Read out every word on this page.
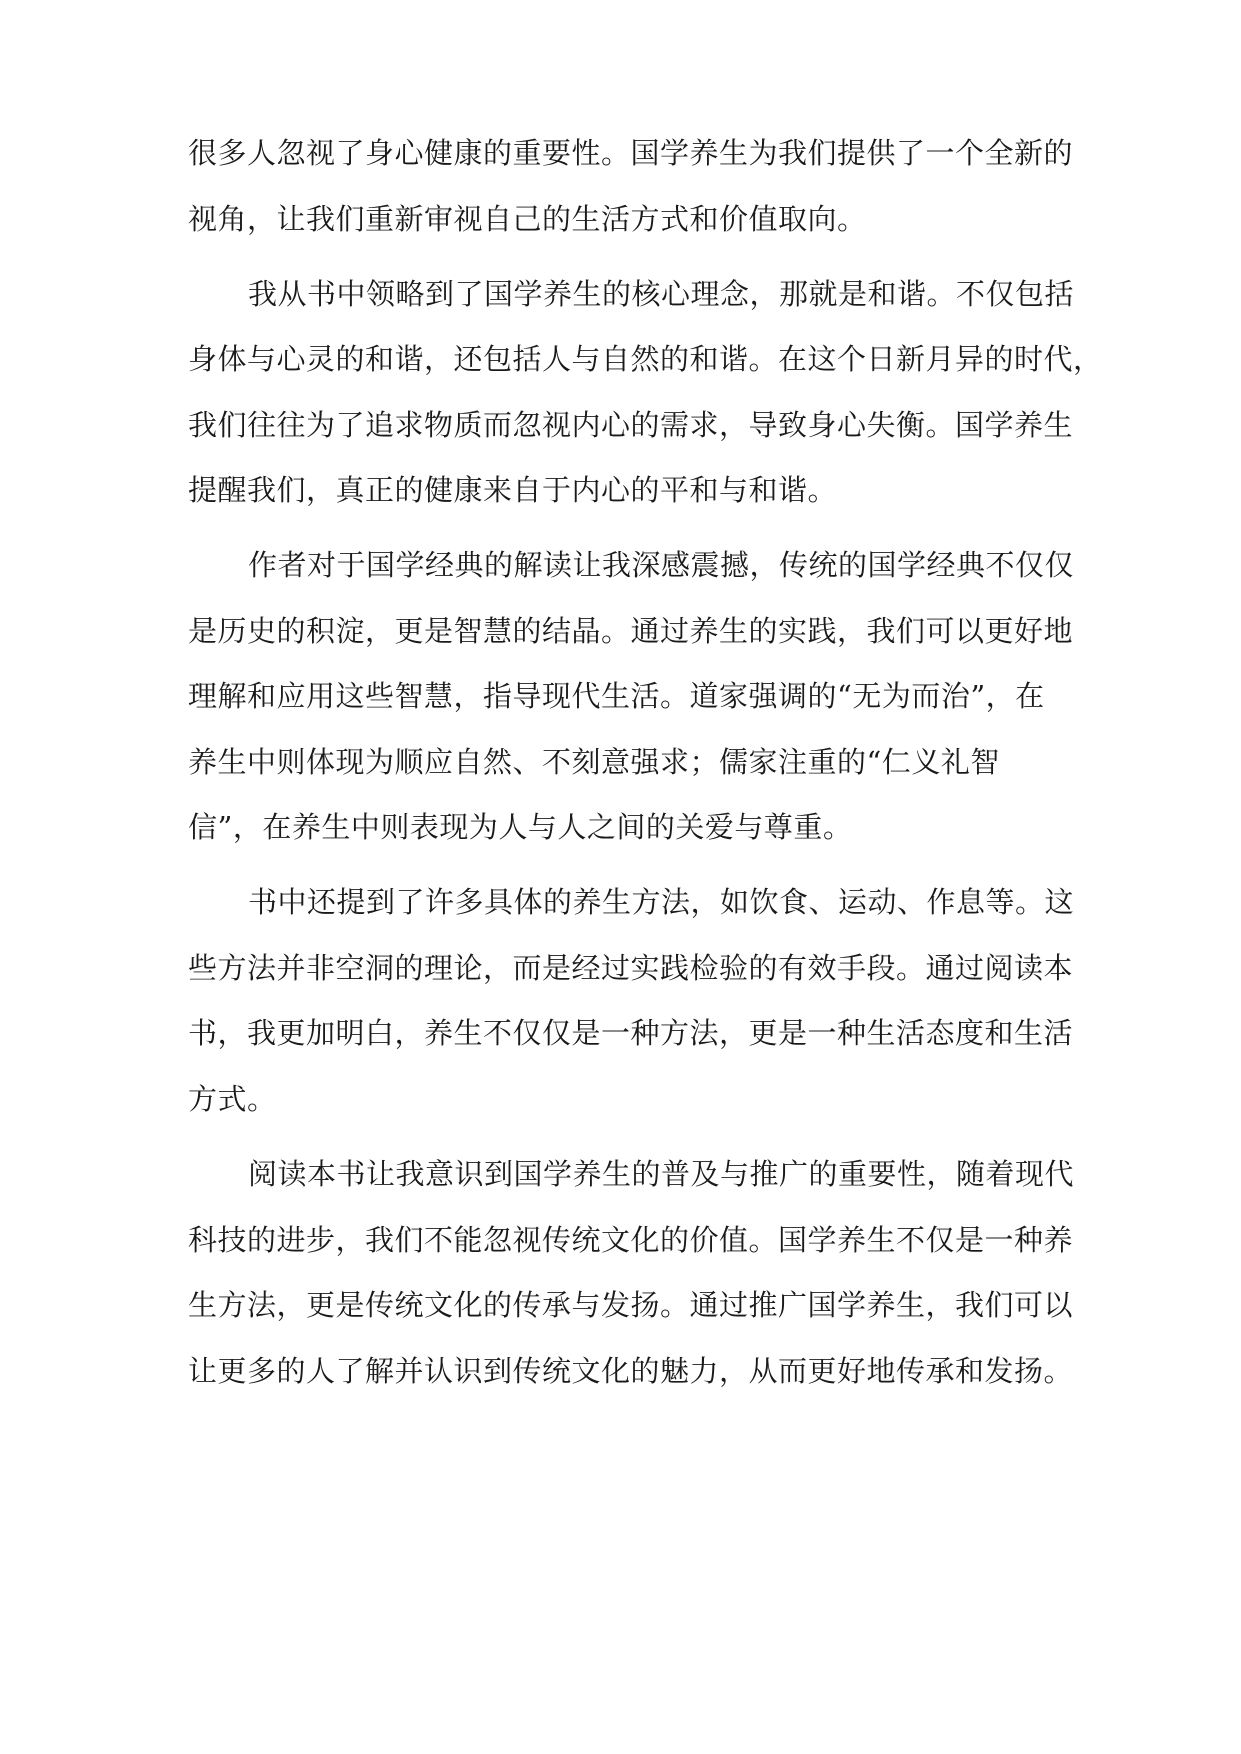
很多人忽视了身心健康的重要性。国学养生为我们提供了一个全新的
视角，让我们重新审视自己的生活方式和价值取向。
我从书中领略到了国学养生的核心理念，那就是和谐。不仅包括
身体与心灵的和谐，还包括人与自然的和谐。在这个日新月异的时代，
我们往往为了追求物质而忽视内心的需求，导致身心失衡。国学养生
提醒我们，真正的健康来自于内心的平和与和谐。
作者对于国学经典的解读让我深感震撼，传统的国学经典不仅仅
是历史的积淀，更是智慧的结晶。通过养生的实践，我们可以更好地
理解和应用这些智慧，指导现代生活。道家强调的“无为而治”，在
养生中则体现为顺应自然、不刻意强求；儒家注重的“仁义礼智
信”，在养生中则表现为人与人之间的关爱与尊重。
书中还提到了许多具体的养生方法，如饮食、运动、作息等。这
些方法并非空洞的理论，而是经过实践检验的有效手段。通过阅读本
书，我更加明白，养生不仅仅是一种方法，更是一种生活态度和生活
方式。
阅读本书让我意识到国学养生的普及与推广的重要性，随着现代
科技的进步，我们不能忽视传统文化的价值。国学养生不仅是一种养
生方法，更是传统文化的传承与发扬。通过推广国学养生，我们可以
让更多的人了解并认识到传统文化的魅力，从而更好地传承和发扬。
